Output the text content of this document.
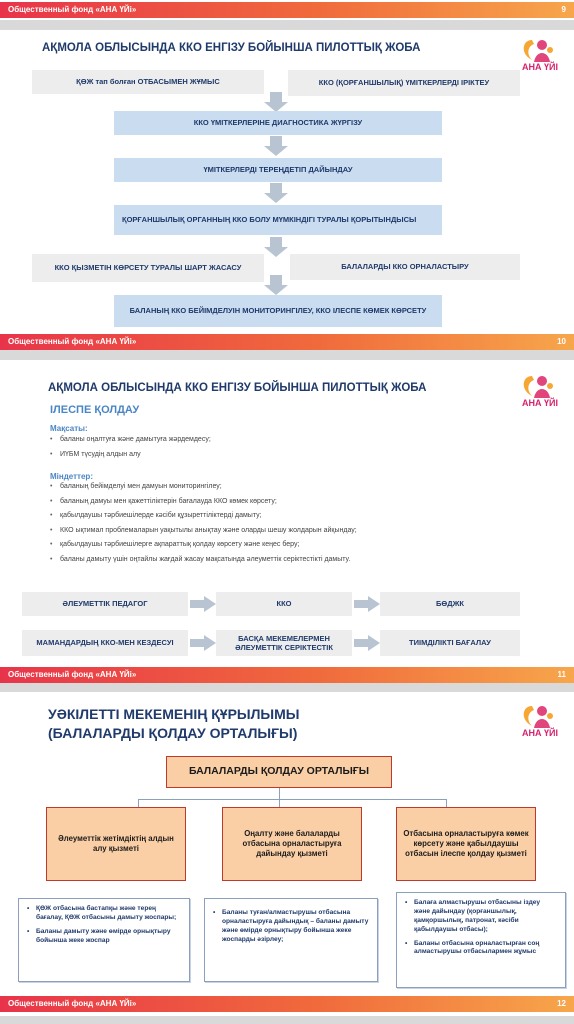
Общественный фонд «АНА ҮЙі»	9
АҚМОЛА ОБЛЫСЫНДА ККО ЕНГІЗУ БОЙЫНША ПИЛОТТЫҚ ЖОБА
АНА ҮЙІ
ҚӨЖ тап болған ОТБАСЫМЕН ЖҰМЫС	ККО (ҚОРҒАНШЫЛЫҚ) ҮМІТКЕРЛЕРДІ ІРІКТЕУ
ККО ҮМІТКЕРЛЕРІНЕ ДИАГНОСТИКА ЖҮРГІЗУ
ҮМІТКЕРЛЕРДІ ТЕРЕҢДЕТІП ДАЙЫНДАУ
ҚОРҒАНШЫЛЫҚ ОРГАННЫҢ ККО БОЛУ МҮМКІНДІГІ ТУРАЛЫ ҚОРЫТЫНДЫСЫ
ККО ҚЫЗМЕТІН КӨРСЕТУ ТУРАЛЫ ШАРТ ЖАСАСУ	БАЛАЛАРДЫ ККО ОРНАЛАСТЫРУ
БАЛАНЫҢ ККО БЕЙІМДЕЛУІН МОНИТОРИНГІЛЕУ, ККО ІЛЕСПЕ КӨМЕК КӨРСЕТУ
Общественный фонд «АНА ҮЙі»	10
АҚМОЛА ОБЛЫСЫНДА ККО ЕНГІЗУ БОЙЫНША ПИЛОТТЫҚ ЖОБА
ІЛЕСПЕ ҚОЛДАУ
АНА ҮЙІ
Мақсаты:
• баланы оңалтуға және дамытуға жәрдемдесу;
• ИҮБМ түсудің алдын алу
Міндеттер:
• баланың бейімделуі мен дамуын мониторингілеу;
• баланың дамуы мен қажеттіліктерін бағалауда ККО көмек көрсету;
• қабылдаушы тәрбиешілерде кәсіби құзыреттіліктерді дамыту;
• ККО ықтимал проблемаларын уақытылы анықтау және оларды шешу жолдарын айқындау;
• қабылдаушы тәрбиешілерге ақпараттық қолдау көрсету және кеңес беру;
• баланы дамыту үшін оңтайлы жағдай жасау мақсатында әлеуметтік серіктестікті дамыту.
ӘЛЕУМЕТТІК ПЕДАГОГ	ККО	БӨДЖК
МАМАНДАРДЫҢ ККО-МЕН КЕЗДЕСУІ
БАСҚА МЕКЕМЕЛЕРМЕН ӘЛЕУМЕТТІК СЕРІКТЕСТІК
ТИІМДІЛІКТІ БАҒАЛАУ
Общественный фонд «АНА ҮЙі»	11
УӘКІЛЕТТІ МЕКЕМЕНІҢ ҚҰРЫЛЫМЫ
(БАЛАЛАРДЫ ҚОЛДАУ ОРТАЛЫҒЫ)	АНА ҮЙІ
БАЛАЛАРДЫ ҚОЛДАУ ОРТАЛЫҒЫ
Әлеуметтік жетімдіктің алдын алу қызметі
Оңалту және балаларды отбасына орналастыруға дайындау қызметі
Отбасына орналастыруға көмек көрсету және қабылдаушы отбасын ілеспе қолдау қызметі
• ҚӨЖ отбасына бастапқы және терең бағалау, ҚӨЖ отбасыны дамыту жоспары;
• Баланы дамыту және өмірде орнықтыру бойынша жеке жоспар
• Баланы туған/алмастырушы отбасына орналастыруға дайындық – баланы дамыту және өмірде орнықтыру бойынша жеке жоспарды әзірлеу;
• Балаға алмастырушы отбасыны іздеу және дайындау (қорғаншылық, қамқоршылық, патронат, кәсіби қабылдаушы отбасы);
• Баланы отбасына орналастырған соң алмастырушы отбасылармен жұмыс
Общественный фонд «АНА ҮЙі»	12
